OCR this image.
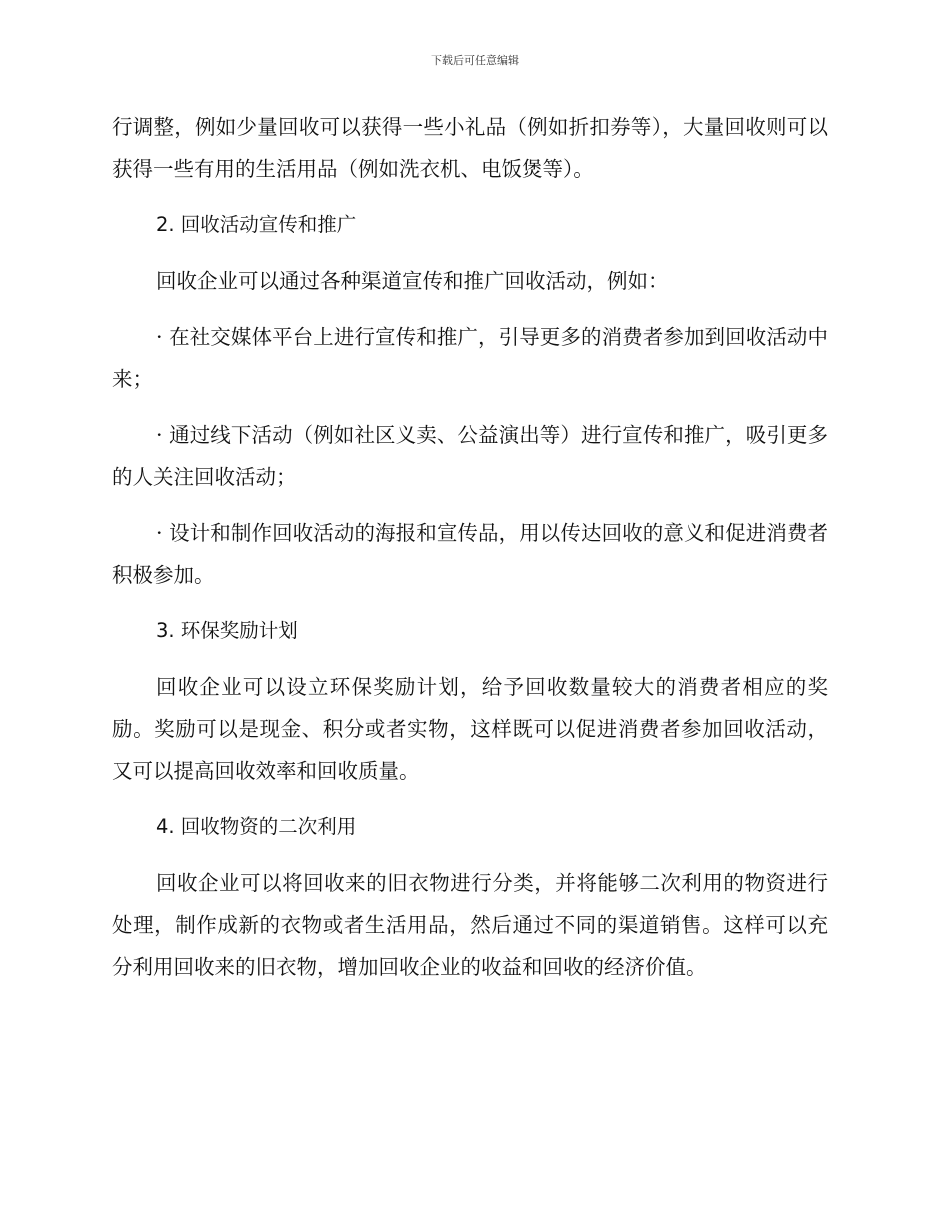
下载后可任意编辑

行调整，例如少量回收可以获得一些小礼品（例如折扣券等），大量回收则可以获得一些有用的生活用品（例如洗衣机、电饭煲等）。

2. 回收活动宣传和推广

回收企业可以通过各种渠道宣传和推广回收活动，例如：

· 在社交媒体平台上进行宣传和推广，引导更多的消费者参加到回收活动中来；

· 通过线下活动（例如社区义卖、公益演出等）进行宣传和推广，吸引更多的人关注回收活动；

· 设计和制作回收活动的海报和宣传品，用以传达回收的意义和促进消费者积极参加。

3. 环保奖励计划

回收企业可以设立环保奖励计划，给予回收数量较大的消费者相应的奖励。奖励可以是现金、积分或者实物，这样既可以促进消费者参加回收活动，又可以提高回收效率和回收质量。

4. 回收物资的二次利用

回收企业可以将回收来的旧衣物进行分类，并将能够二次利用的物资进行处理，制作成新的衣物或者生活用品，然后通过不同的渠道销售。这样可以充分利用回收来的旧衣物，增加回收企业的收益和回收的经济价值。
